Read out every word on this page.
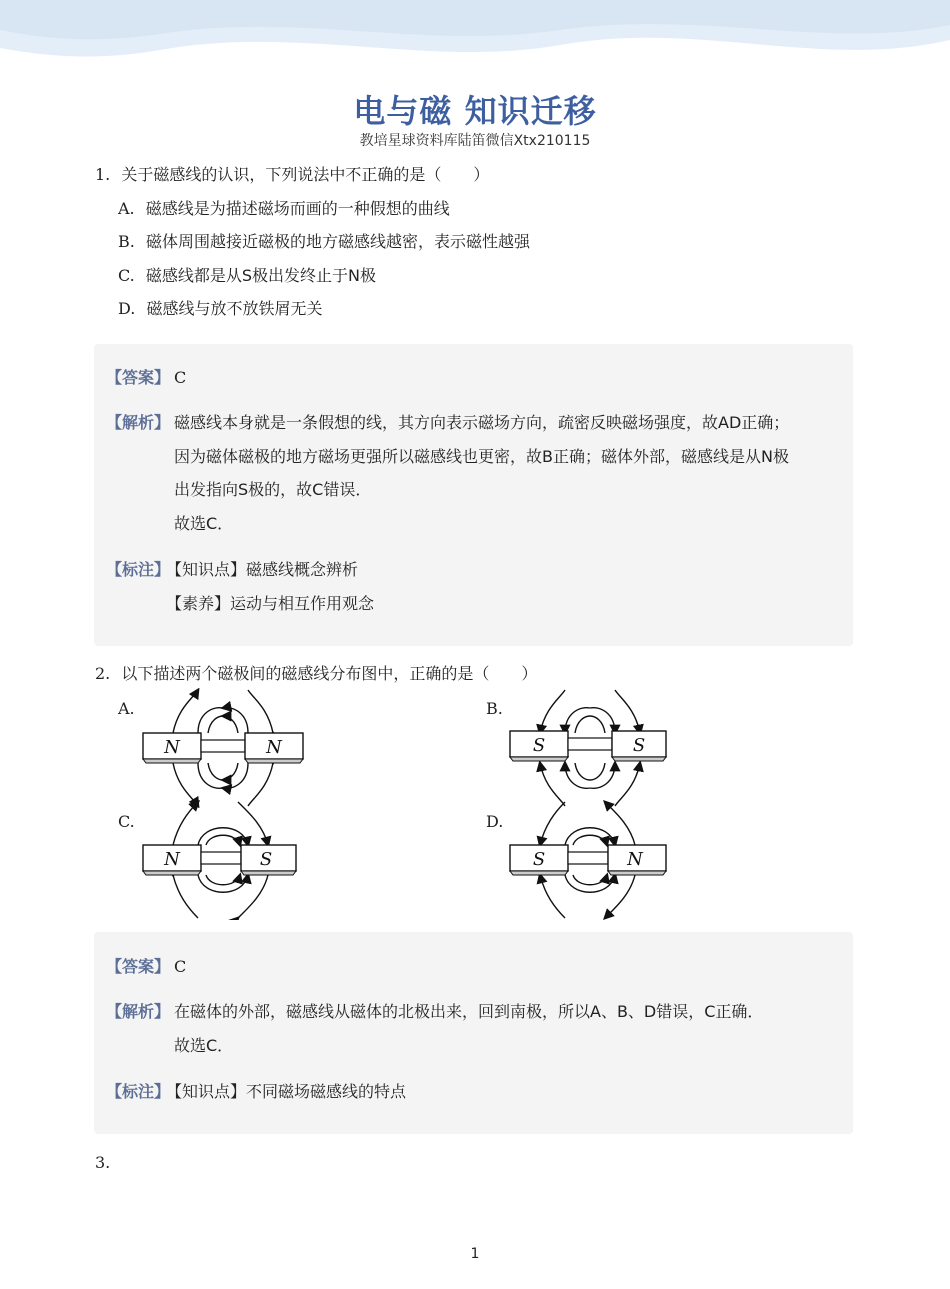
电与磁 知识迁移
教培星球资料库陆笛微信Xtx210115
1. 关于磁感线的认识，下列说法中不正确的是（　　）
A. 磁感线是为描述磁场而画的一种假想的曲线
B. 磁体周围越接近磁极的地方磁感线越密，表示磁性越强
C. 磁感线都是从S极出发终止于N极
D. 磁感线与放不放铁屑无关
【答案】 C
【解析】 磁感线本身就是一条假想的线，其方向表示磁场方向，疏密反映磁场强度，故AD正确；
因为磁体磁极的地方磁场更强所以磁感线也更密，故B正确；磁体外部，磁感线是从N极
出发指向S极的，故C错误．
故选C．
【标注】
【知识点】磁感线概念辨析
【素养】运动与相互作用观念
2. 以下描述两个磁极间的磁感线分布图中，正确的是（　　）
A.	B.
C.	D.
N	N	S	S
N	S	S	N
【答案】 C
【解析】 在磁体的外部，磁感线从磁体的北极出来，回到南极，所以A、B、D错误，C正确．
故选C．
【标注】
【知识点】不同磁场磁感线的特点
3.
1
